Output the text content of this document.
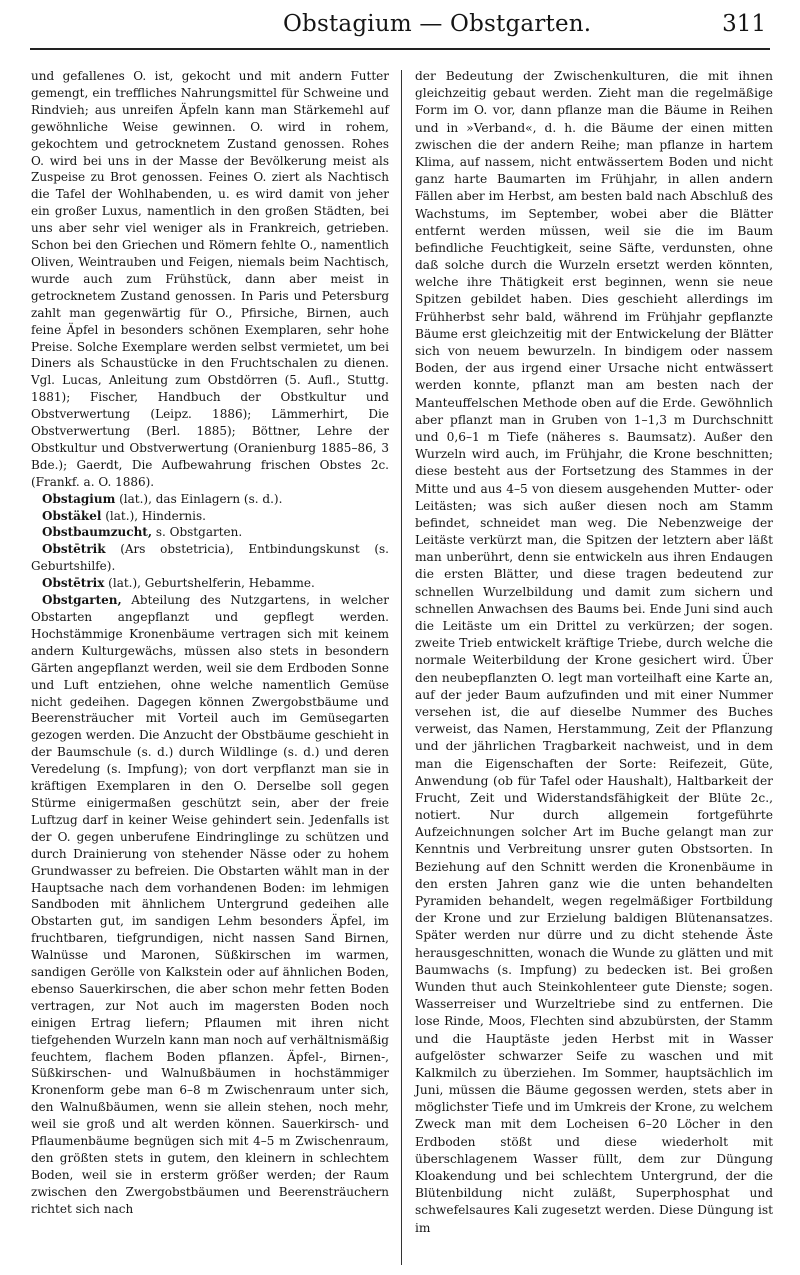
Obstagium — Obstgarten.	311

und gefallenes O. ist, gekocht und mit andern Futter gemengt, ein treffliches Nahrungsmittel für Schweine und Rindvieh; aus unreifen Äpfeln kann man Stärkemehl auf gewöhnliche Weise gewinnen. O. wird in rohem, gekochtem und getrocknetem Zustand genossen. Rohes O. wird bei uns in der Masse der Bevölkerung meist als Zuspeise zu Brot genossen. Feines O. ziert als Nachtisch die Tafel der Wohlhabenden, u. es wird damit von jeher ein großer Luxus, namentlich in den großen Städten, bei uns aber sehr viel weniger als in Frankreich, getrieben. Schon bei den Griechen und Römern fehlte O., namentlich Oliven, Weintrauben und Feigen, niemals beim Nachtisch, wurde auch zum Frühstück, dann aber meist in getrocknetem Zustand genossen. In Paris und Petersburg zahlt man gegenwärtig für O., Pfirsiche, Birnen, auch feine Äpfel in besonders schönen Exemplaren, sehr hohe Preise. Solche Exemplare werden selbst vermietet, um bei Diners als Schaustücke in den Fruchtschalen zu dienen. Vgl. Lucas, Anleitung zum Obstdörren (5. Aufl., Stuttg. 1881); Fischer, Handbuch der Obstkultur und Obstverwertung (Leipz. 1886); Lämmerhirt, Die Obstverwertung (Berl. 1885); Böttner, Lehre der Obstkultur und Obstverwertung (Oranienburg 1885–86, 3 Bde.); Gaerdt, Die Aufbewahrung frischen Obstes 2c. (Frankf. a. O. 1886).

Obstagium (lat.), das Einlagern (s. d.).

Obstäkel (lat.), Hindernis.

Obstbaumzucht, s. Obstgarten.

Obstētrik (Ars obstetricia), Entbindungskunst (s. Geburtshilfe).

Obstētrix (lat.), Geburtshelferin, Hebamme.

Obstgarten, Abteilung des Nutzgartens, in welcher Obstarten angepflanzt und gepflegt werden. Hochstämmige Kronenbäume vertragen sich mit keinem andern Kulturgewächs, müssen also stets in besondern Gärten angepflanzt werden, weil sie dem Erdboden Sonne und Luft entziehen, ohne welche namentlich Gemüse nicht gedeihen. Dagegen können Zwergobstbäume und Beerensträucher mit Vorteil auch im Gemüsegarten gezogen werden. Die Anzucht der Obstbäume geschieht in der Baumschule (s. d.) durch Wildlinge (s. d.) und deren Veredelung (s. Impfung); von dort verpflanzt man sie in kräftigen Exemplaren in den O. Derselbe soll gegen Stürme einigermaßen geschützt sein, aber der freie Luftzug darf in keiner Weise gehindert sein. Jedenfalls ist der O. gegen unberufene Eindringlinge zu schützen und durch Drainierung von stehender Nässe oder zu hohem Grundwasser zu befreien. Die Obstarten wählt man in der Hauptsache nach dem vorhandenen Boden: im lehmigen Sandboden mit ähnlichem Untergrund gedeihen alle Obstarten gut, im sandigen Lehm besonders Äpfel, im fruchtbaren, tiefgrundigen, nicht nassen Sand Birnen, Walnüsse und Maronen, Süßkirschen im warmen, sandigen Gerölle von Kalkstein oder auf ähnlichen Boden, ebenso Sauerkirschen, die aber schon mehr fetten Boden vertragen, zur Not auch im magersten Boden noch einigen Ertrag liefern; Pflaumen mit ihren nicht tiefgehenden Wurzeln kann man noch auf verhältnismäßig feuchtem, flachem Boden pflanzen. Äpfel-, Birnen-, Süßkirschen- und Walnußbäumen in hochstämmiger Kronenform gebe man 6–8 m Zwischenraum unter sich, den Walnußbäumen, wenn sie allein stehen, noch mehr, weil sie groß und alt werden können. Sauerkirsch- und Pflaumenbäume begnügen sich mit 4–5 m Zwischenraum, den größten stets in gutem, den kleinern in schlechtem Boden, weil sie in ersterm größer werden; der Raum zwischen den Zwergobstbäumen und Beerensträuchern richtet sich nach

der Bedeutung der Zwischenkulturen, die mit ihnen gleichzeitig gebaut werden. Zieht man die regelmäßige Form im O. vor, dann pflanze man die Bäume in Reihen und in »Verband«, d. h. die Bäume der einen mitten zwischen die der andern Reihe; man pflanze in hartem Klima, auf nassem, nicht entwässertem Boden und nicht ganz harte Baumarten im Frühjahr, in allen andern Fällen aber im Herbst, am besten bald nach Abschluß des Wachstums, im September, wobei aber die Blätter entfernt werden müssen, weil sie die im Baum befindliche Feuchtigkeit, seine Säfte, verdunsten, ohne daß solche durch die Wurzeln ersetzt werden könnten, welche ihre Thätigkeit erst beginnen, wenn sie neue Spitzen gebildet haben. Dies geschieht allerdings im Frühherbst sehr bald, während im Frühjahr gepflanzte Bäume erst gleichzeitig mit der Entwickelung der Blätter sich von neuem bewurzeln. In bindigem oder nassem Boden, der aus irgend einer Ursache nicht entwässert werden konnte, pflanzt man am besten nach der Manteuffelschen Methode oben auf die Erde. Gewöhnlich aber pflanzt man in Gruben von 1–1,3 m Durchschnitt und 0,6–1 m Tiefe (näheres s. Baumsatz). Außer den Wurzeln wird auch, im Frühjahr, die Krone beschnitten; diese besteht aus der Fortsetzung des Stammes in der Mitte und aus 4–5 von diesem ausgehenden Mutter- oder Leitästen; was sich außer diesen noch am Stamm befindet, schneidet man weg. Die Nebenzweige der Leitäste verkürzt man, die Spitzen der letztern aber läßt man unberührt, denn sie entwickeln aus ihren Endaugen die ersten Blätter, und diese tragen bedeutend zur schnellen Wurzelbildung und damit zum sichern und schnellen Anwachsen des Baums bei. Ende Juni sind auch die Leitäste um ein Drittel zu verkürzen; der sogen. zweite Trieb entwickelt kräftige Triebe, durch welche die normale Weiterbildung der Krone gesichert wird. Über den neubepflanzten O. legt man vorteilhaft eine Karte an, auf der jeder Baum aufzufinden und mit einer Nummer versehen ist, die auf dieselbe Nummer des Buches verweist, das Namen, Herstammung, Zeit der Pflanzung und der jährlichen Tragbarkeit nachweist, und in dem man die Eigenschaften der Sorte: Reifezeit, Güte, Anwendung (ob für Tafel oder Haushalt), Haltbarkeit der Frucht, Zeit und Widerstandsfähigkeit der Blüte 2c., notiert. Nur durch allgemein fortgeführte Aufzeichnungen solcher Art im Buche gelangt man zur Kenntnis und Verbreitung unsrer guten Obstsorten. In Beziehung auf den Schnitt werden die Kronenbäume in den ersten Jahren ganz wie die unten behandelten Pyramiden behandelt, wegen regelmäßiger Fortbildung der Krone und zur Erzielung baldigen Blütenansatzes. Später werden nur dürre und zu dicht stehende Äste herausgeschnitten, wonach die Wunde zu glätten und mit Baumwachs (s. Impfung) zu bedecken ist. Bei großen Wunden thut auch Steinkohlenteer gute Dienste; sogen. Wasserreiser und Wurzeltriebe sind zu entfernen. Die lose Rinde, Moos, Flechten sind abzubürsten, der Stamm und die Hauptäste jeden Herbst mit in Wasser aufgelöster schwarzer Seife zu waschen und mit Kalkmilch zu überziehen. Im Sommer, hauptsächlich im Juni, müssen die Bäume gegossen werden, stets aber in möglichster Tiefe und im Umkreis der Krone, zu welchem Zweck man mit dem Locheisen 6–20 Löcher in den Erdboden stößt und diese wiederholt mit überschlagenem Wasser füllt, dem zur Düngung Kloakendung und bei schlechtem Untergrund, der die Blütenbildung nicht zuläßt, Superphosphat und schwefelsaures Kali zugesetzt werden. Diese Düngung ist im
